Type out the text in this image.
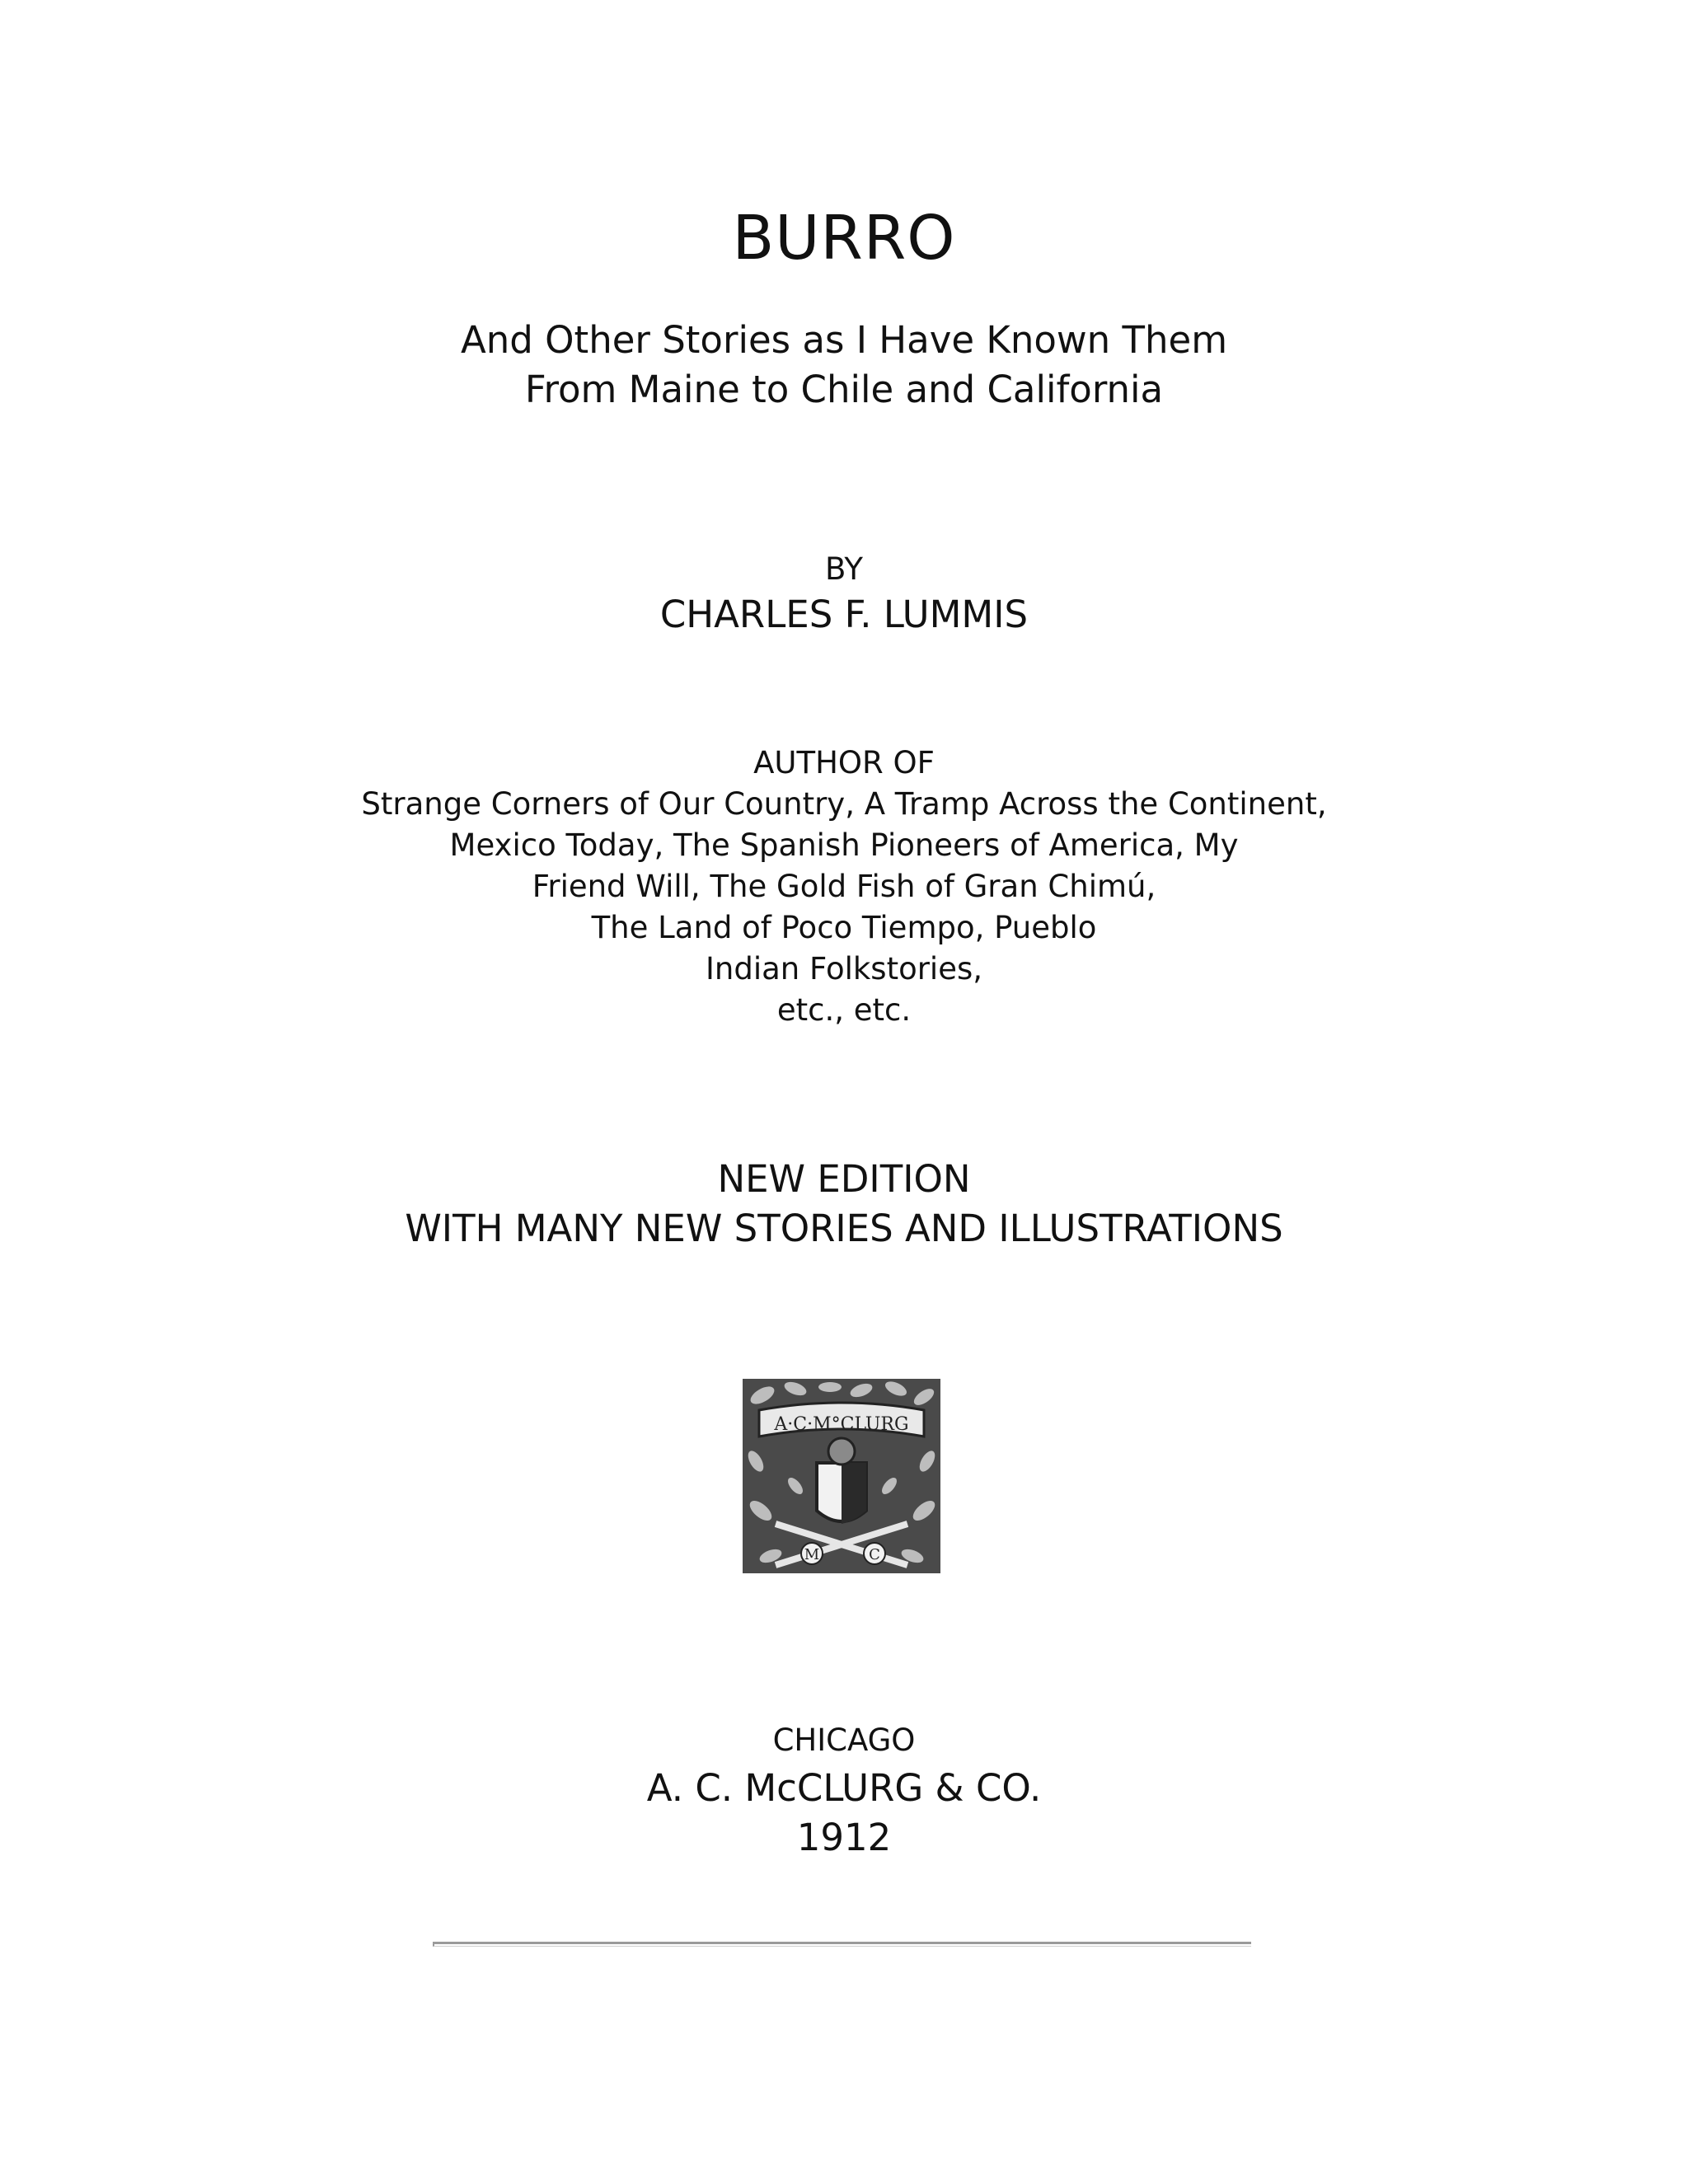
BURRO
And Other Stories as I Have Known Them
From Maine to Chile and California
BY
CHARLES F. LUMMIS
AUTHOR OF
Strange Corners of Our Country, A Tramp Across the Continent,
Mexico Today, The Spanish Pioneers of America, My
Friend Will, The Gold Fish of Gran Chimú,
The Land of Poco Tiempo, Pueblo
Indian Folkstories,
etc., etc.
NEW EDITION
WITH MANY NEW STORIES AND ILLUSTRATIONS
A·C·M°CLURG
M	C
CHICAGO
A. C. McCLURG & CO.
1912
